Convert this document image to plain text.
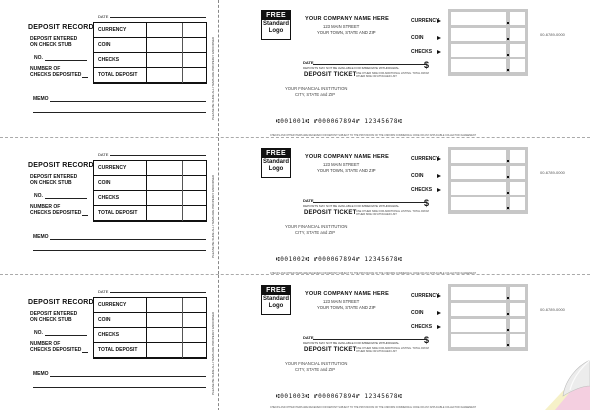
DATE
DEPOSIT RECORD
DEPOSIT ENTERED
ON CHECK STUB
NO.
NUMBER OF
CHECKS DEPOSITED
MEMO
CURRENCY
COIN
CHECKS
TOTAL DEPOSIT	PLEASE BE SURE ALL ITEMS ARE PROPERLY ENDORSED
FREE
Standard
Logo
YOUR COMPANY NAME HERE
123 MAIN STREET
YOUR TOWN, STATE AND ZIP
DATE
DEPOSITS MAY NOT BE AVAILABLE FOR IMMEDIATE WITHDRAWAL
DEPOSIT TICKET USE OTHER SIDE FOR ADDITIONAL LISTING. TOTAL FROM OTHER SIDE OR ATTACHED LIST
YOUR FINANCIAL INSTITUTION
CITY, STATE and ZIP
CURRENCY
COIN
CHECKS
$
00-6789-0000
⑆001001⑆ ⑈000067894⑈ 12345678⑆
CHECKS AND OTHER ITEMS ARE RECEIVED FOR DEPOSIT SUBJECT TO THE PROVISIONS OF THE UNIFORM COMMERCIAL CODE OR ANY APPLICABLE COLLECTION AGREEMENT
DATE
DEPOSIT RECORD
DEPOSIT ENTERED
ON CHECK STUB
NO.
NUMBER OF
CHECKS DEPOSITED
MEMO
CURRENCY
COIN
CHECKS
TOTAL DEPOSIT	PLEASE BE SURE ALL ITEMS ARE PROPERLY ENDORSED
FREE
Standard
Logo
YOUR COMPANY NAME HERE
123 MAIN STREET
YOUR TOWN, STATE AND ZIP
DATE
DEPOSITS MAY NOT BE AVAILABLE FOR IMMEDIATE WITHDRAWAL
DEPOSIT TICKET USE OTHER SIDE FOR ADDITIONAL LISTING. TOTAL FROM OTHER SIDE OR ATTACHED LIST
YOUR FINANCIAL INSTITUTION
CITY, STATE and ZIP
CURRENCY
COIN
CHECKS
$
00-6789-0000
⑆001002⑆ ⑈000067894⑈ 12345678⑆
CHECKS AND OTHER ITEMS ARE RECEIVED FOR DEPOSIT SUBJECT TO THE PROVISIONS OF THE UNIFORM COMMERCIAL CODE OR ANY APPLICABLE COLLECTION AGREEMENT
DATE
DEPOSIT RECORD
DEPOSIT ENTERED
ON CHECK STUB
NO.
NUMBER OF
CHECKS DEPOSITED
MEMO
CURRENCY
COIN
CHECKS
TOTAL DEPOSIT	PLEASE BE SURE ALL ITEMS ARE PROPERLY ENDORSED
FREE
Standard
Logo
YOUR COMPANY NAME HERE
123 MAIN STREET
YOUR TOWN, STATE AND ZIP
DATE
DEPOSITS MAY NOT BE AVAILABLE FOR IMMEDIATE WITHDRAWAL
DEPOSIT TICKET USE OTHER SIDE FOR ADDITIONAL LISTING. TOTAL FROM OTHER SIDE OR ATTACHED LIST
YOUR FINANCIAL INSTITUTION
CITY, STATE and ZIP
CURRENCY
COIN
CHECKS
$
00-6789-0000
⑆001003⑆ ⑈000067894⑈ 12345678⑆
CHECKS AND OTHER ITEMS ARE RECEIVED FOR DEPOSIT SUBJECT TO THE PROVISIONS OF THE UNIFORM COMMERCIAL CODE OR ANY APPLICABLE COLLECTION AGREEMENT
